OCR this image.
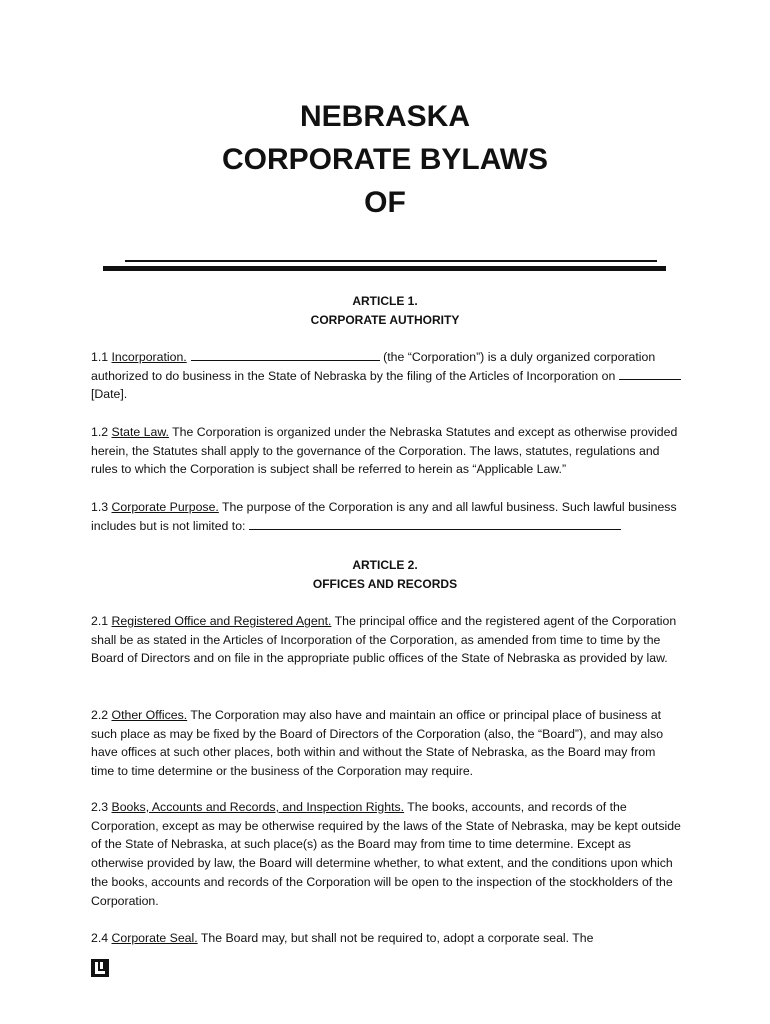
NEBRASKA
CORPORATE BYLAWS
OF
ARTICLE 1.
CORPORATE AUTHORITY
1.1 Incorporation.	(the “Corporation”) is a duly organized corporation authorized to do business in the State of Nebraska by the filing of the Articles of Incorporation on  [Date].
1.2 State Law. The Corporation is organized under the Nebraska Statutes and except as otherwise provided herein, the Statutes shall apply to the governance of the Corporation. The laws, statutes, regulations and rules to which the Corporation is subject shall be referred to herein as “Applicable Law.”
1.3 Corporate Purpose. The purpose of the Corporation is any and all lawful business. Such lawful business includes but is not limited to:
ARTICLE 2.
OFFICES AND RECORDS
2.1 Registered Office and Registered Agent. The principal office and the registered agent of the Corporation shall be as stated in the Articles of Incorporation of the Corporation, as amended from time to time by the Board of Directors and on file in the appropriate public offices of the State of Nebraska as provided by law.
2.2 Other Offices. The Corporation may also have and maintain an office or principal place of business at such place as may be fixed by the Board of Directors of the Corporation (also, the “Board”), and may also have offices at such other places, both within and without the State of Nebraska, as the Board may from time to time determine or the business of the Corporation may require.
2.3 Books, Accounts and Records, and Inspection Rights. The books, accounts, and records of the Corporation, except as may be otherwise required by the laws of the State of Nebraska, may be kept outside of the State of Nebraska, at such place(s) as the Board may from time to time determine. Except as otherwise provided by law, the Board will determine whether, to what extent, and the conditions upon which the books, accounts and records of the Corporation will be open to the inspection of the stockholders of the Corporation.
2.4 Corporate Seal. The Board may, but shall not be required to, adopt a corporate seal. The
